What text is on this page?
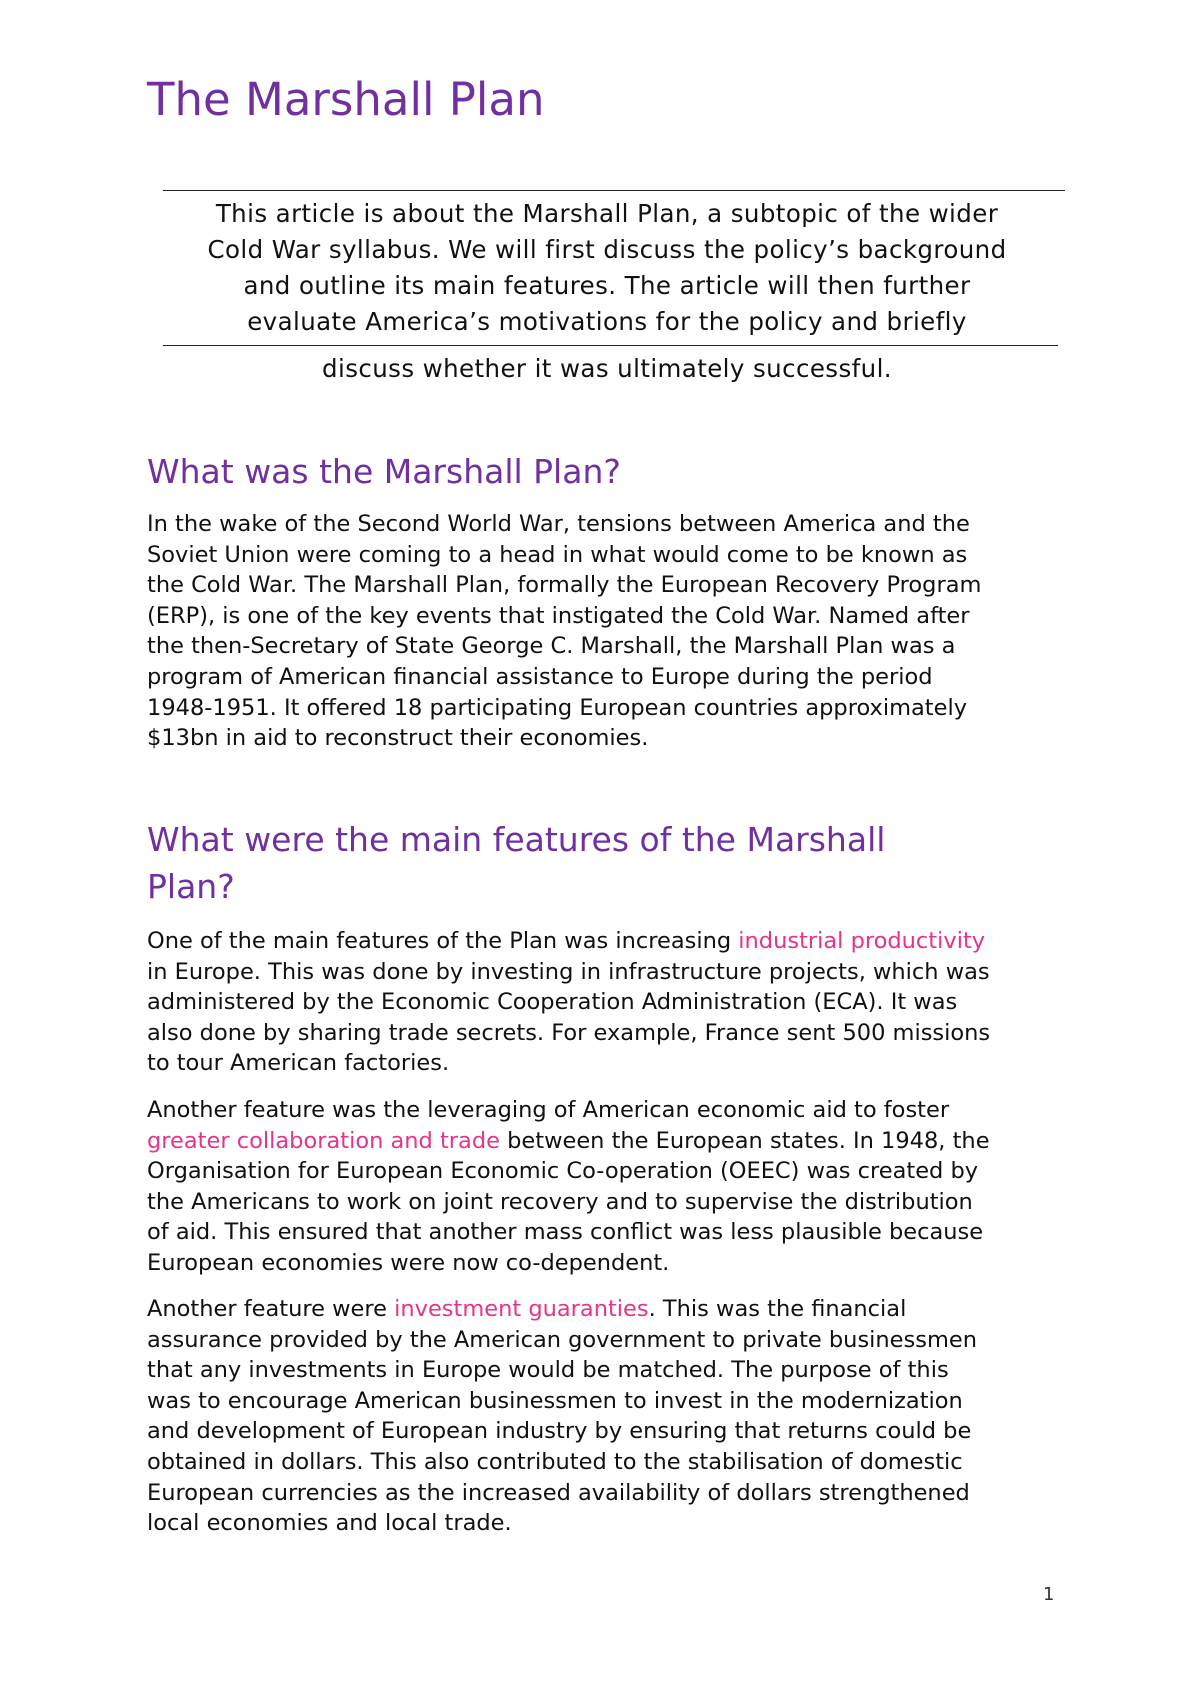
The Marshall Plan

This article is about the Marshall Plan, a subtopic of the wider

Cold War syllabus. We will first discuss the policy’s background

and outline its main features. The article will then further

evaluate America’s motivations for the policy and briefly

discuss whether it was ultimately successful.

What was the Marshall Plan?

In the wake of the Second World War, tensions between America and the
Soviet Union were coming to a head in what would come to be known as
the Cold War. The Marshall Plan, formally the European Recovery Program
(ERP), is one of the key events that instigated the Cold War. Named after
the then-Secretary of State George C. Marshall, the Marshall Plan was a
program of American financial assistance to Europe during the period
1948-1951. It offered 18 participating European countries approximately
$13bn in aid to reconstruct their economies.

What were the main features of the Marshall
Plan?

One of the main features of the Plan was increasing industrial productivity
in Europe. This was done by investing in infrastructure projects, which was
administered by the Economic Cooperation Administration (ECA). It was
also done by sharing trade secrets. For example, France sent 500 missions
to tour American factories.

Another feature was the leveraging of American economic aid to foster
greater collaboration and trade between the European states. In 1948, the
Organisation for European Economic Co-operation (OEEC) was created by
the Americans to work on joint recovery and to supervise the distribution
of aid. This ensured that another mass conflict was less plausible because
European economies were now co-dependent.

Another feature were investment guaranties. This was the financial
assurance provided by the American government to private businessmen
that any investments in Europe would be matched. The purpose of this
was to encourage American businessmen to invest in the modernization
and development of European industry by ensuring that returns could be
obtained in dollars. This also contributed to the stabilisation of domestic
European currencies as the increased availability of dollars strengthened
local economies and local trade.

1
